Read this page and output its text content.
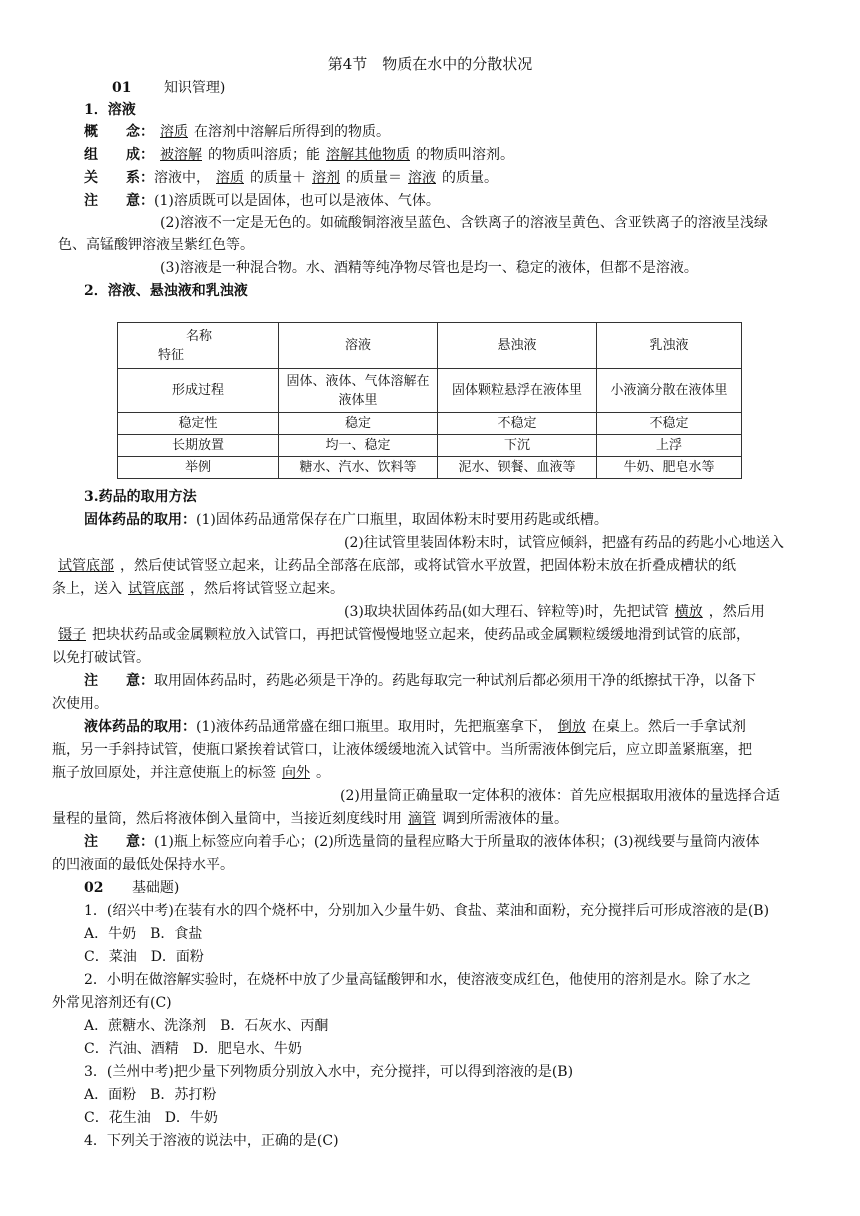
第4节　物质在水中的分散状况
01 知识管理)
1．溶液
概　　念： 溶质 在溶剂中溶解后所得到的物质。
组　　成： 被溶解 的物质叫溶质；能 溶解其他物质 的物质叫溶剂。
关　　系：溶液中， 溶质 的质量＋ 溶剂 的质量＝ 溶液 的质量。
注　　意：(1)溶质既可以是固体，也可以是液体、气体。
(2)溶液不一定是无色的。如硫酸铜溶液呈蓝色、含铁离子的溶液呈黄色、含亚铁离子的溶液呈浅绿
色、高锰酸钾溶液呈紫红色等。
(3)溶液是一种混合物。水、酒精等纯净物尽管也是均一、稳定的液体，但都不是溶液。
2．溶液、悬浊液和乳浊液
名称
特征	溶液	悬浊液	乳浊液
形成过程	固体、液体、气体溶解在液体里	固体颗粒悬浮在液体里	小液滴分散在液体里
稳定性	稳定	不稳定	不稳定
长期放置	均一、稳定	下沉	上浮
举例	糖水、汽水、饮料等	泥水、钡餐、血液等	牛奶、肥皂水等
3.药品的取用方法
固体药品的取用：(1)固体药品通常保存在广口瓶里，取固体粉末时要用药匙或纸槽。
(2)往试管里装固体粉末时，试管应倾斜，把盛有药品的药匙小心地送入
试管底部 ，然后使试管竖立起来，让药品全部落在底部，或将试管水平放置，把固体粉末放在折叠成槽状的纸
条上，送入 试管底部 ，然后将试管竖立起来。
(3)取块状固体药品(如大理石、锌粒等)时，先把试管 横放 ，然后用
镊子 把块状药品或金属颗粒放入试管口，再把试管慢慢地竖立起来，使药品或金属颗粒缓缓地滑到试管的底部，
以免打破试管。
注　　意：取用固体药品时，药匙必须是干净的。药匙每取完一种试剂后都必须用干净的纸擦拭干净，以备下
次使用。
液体药品的取用：(1)液体药品通常盛在细口瓶里。取用时，先把瓶塞拿下， 倒放 在桌上。然后一手拿试剂
瓶，另一手斜持试管，使瓶口紧挨着试管口，让液体缓缓地流入试管中。当所需液体倒完后，应立即盖紧瓶塞，把
瓶子放回原处，并注意使瓶上的标签 向外 。
(2)用量筒正确量取一定体积的液体：首先应根据取用液体的量选择合适
量程的量筒，然后将液体倒入量筒中，当接近刻度线时用 滴管 调到所需液体的量。
注　　意：(1)瓶上标签应向着手心；(2)所选量筒的量程应略大于所量取的液体体积；(3)视线要与量筒内液体
的凹液面的最低处保持水平。
02 基础题)
1．(绍兴中考)在装有水的四个烧杯中，分别加入少量牛奶、食盐、菜油和面粉，充分搅拌后可形成溶液的是(B)
A．牛奶　B．食盐
C．菜油　D．面粉
2．小明在做溶解实验时，在烧杯中放了少量高锰酸钾和水，使溶液变成红色，他使用的溶剂是水。除了水之
外常见溶剂还有(C)
A．蔗糖水、洗涤剂　B．石灰水、丙酮
C．汽油、酒精　D．肥皂水、牛奶
3．(兰州中考)把少量下列物质分别放入水中，充分搅拌，可以得到溶液的是(B)
A．面粉　B．苏打粉
C．花生油　D．牛奶
4．下列关于溶液的说法中，正确的是(C)
